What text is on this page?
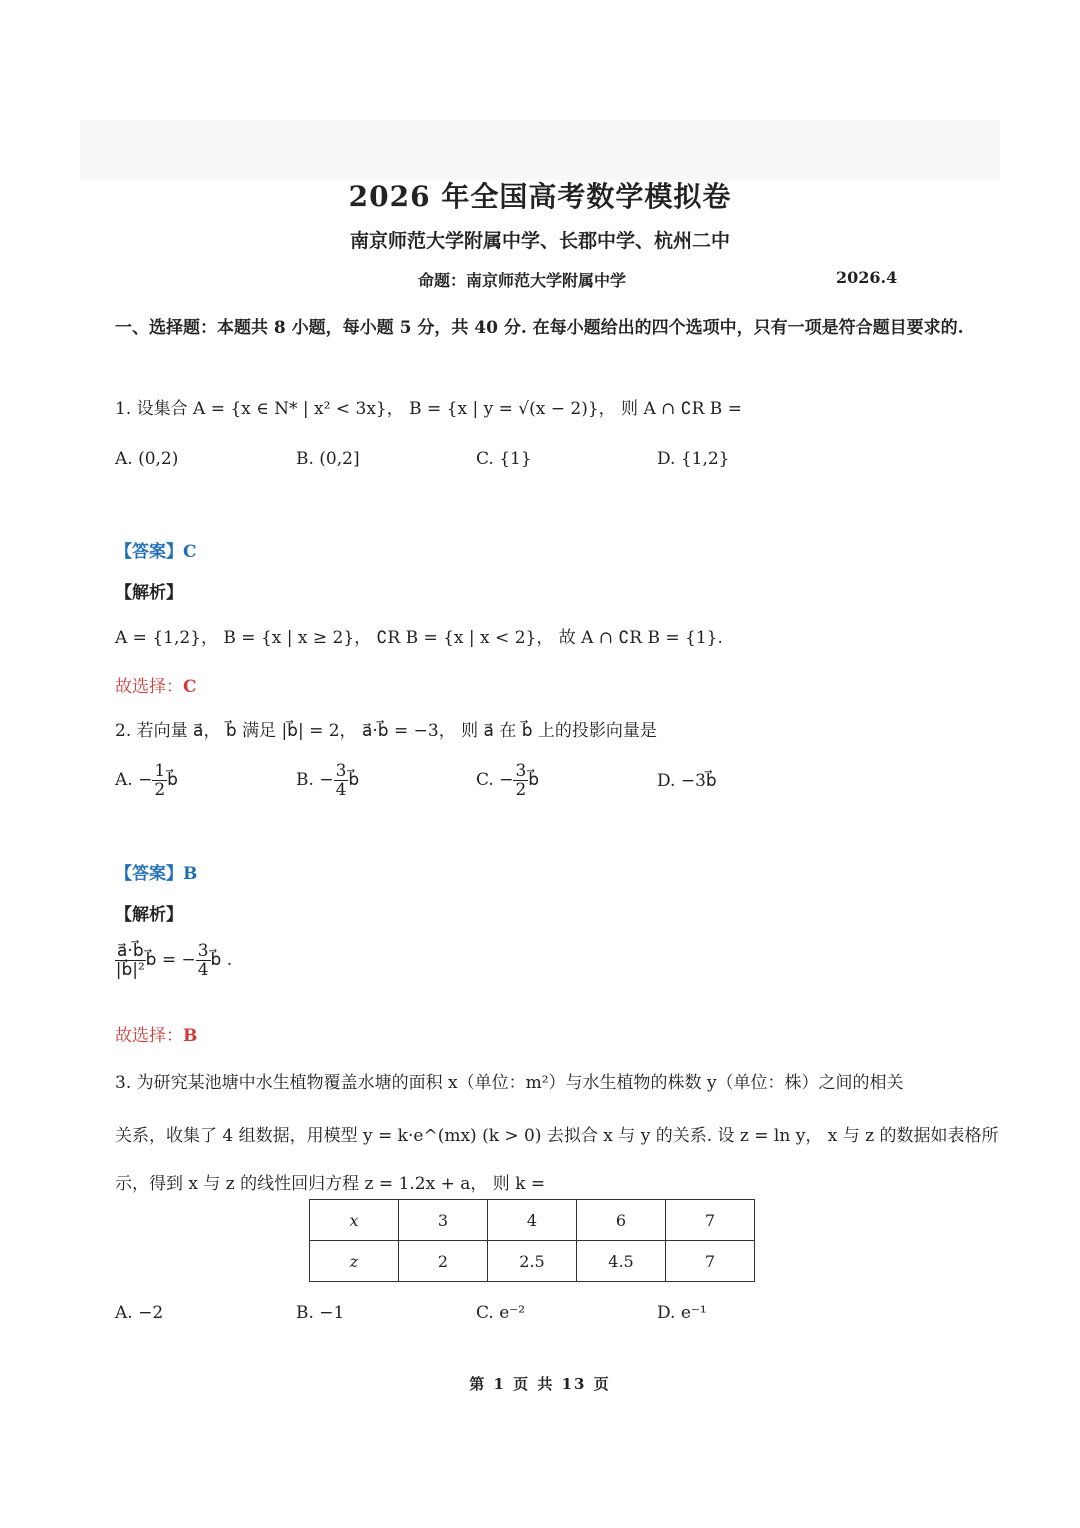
2026 年全国高考数学模拟卷
南京师范大学附属中学、长郡中学、杭州二中
命题：南京师范大学附属中学	2026.4
一、选择题：本题共 8 小题，每小题 5 分，共 40 分. 在每小题给出的四个选项中，只有一项是符合题目要求的.
1. 设集合 A = {x ∈ N* | x² < 3x}， B = {x | y = √(x − 2)}， 则 A ∩ ∁R B =
A. (0,2)	B. (0,2]	C. {1}	D. {1,2}
【答案】C
【解析】
A = {1,2}， B = {x | x ≥ 2}， ∁R B = {x | x < 2}， 故 A ∩ ∁R B = {1}.
故选择：C
2. 若向量 a⃗， b⃗ 满足 |b⃗| = 2， a⃗·b⃗ = −3， 则 a⃗ 在 b⃗ 上的投影向量是
A. − $\frac{1}{2}$ b⃗	B. − $\frac{3}{4}$ b⃗	C. − $\frac{3}{2}$ b⃗	D. −3b⃗
【答案】B
【解析】
$\frac{a⃗\cdot b⃗}{\text{|b⃗|²}}$ b⃗ = − $\frac{3}{4}$ b⃗ .
故选择：B
3. 为研究某池塘中水生植物覆盖水塘的面积 x（单位：m²）与水生植物的株数 y（单位：株）之间的相关
关系，收集了 4 组数据，用模型 y = k·e^(mx) (k > 0) 去拟合 x 与 y 的关系. 设 z = ln y， x 与 z 的数据如表格所
示，得到 x 与 z 的线性回归方程 z = 1.2x + a， 则 k =
x	3	4	6	7
z	2	2.5	4.5	7
A. −2	B. −1	C. e⁻²	D. e⁻¹
第 1 页 共 13 页
